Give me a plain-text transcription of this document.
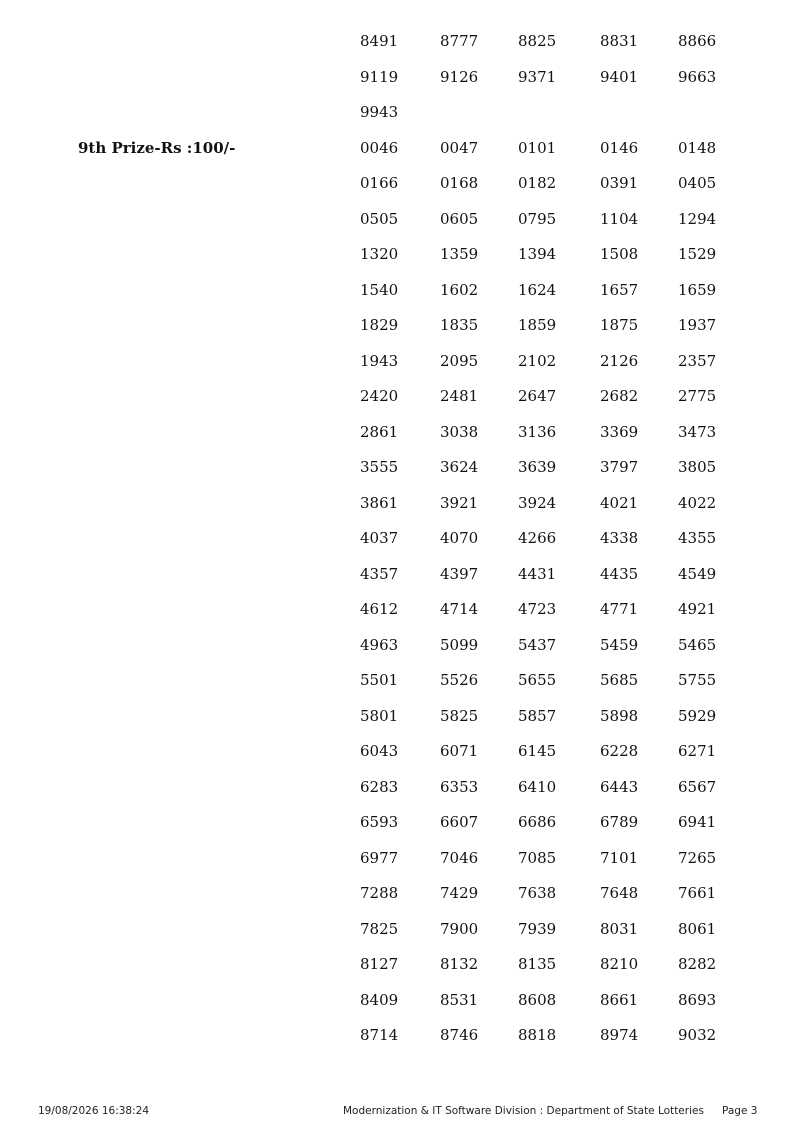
8491	8777	8825	8831	8866
9119	9126	9371	9401	9663
9943
0046	0047	0101	0146	0148
0166	0168	0182	0391	0405
0505	0605	0795	1104	1294
1320	1359	1394	1508	1529
1540	1602	1624	1657	1659
1829	1835	1859	1875	1937
1943	2095	2102	2126	2357
2420	2481	2647	2682	2775
2861	3038	3136	3369	3473
3555	3624	3639	3797	3805
3861	3921	3924	4021	4022
4037	4070	4266	4338	4355
4357	4397	4431	4435	4549
4612	4714	4723	4771	4921
4963	5099	5437	5459	5465
5501	5526	5655	5685	5755
5801	5825	5857	5898	5929
6043	6071	6145	6228	6271
6283	6353	6410	6443	6567
6593	6607	6686	6789	6941
6977	7046	7085	7101	7265
7288	7429	7638	7648	7661
7825	7900	7939	8031	8061
8127	8132	8135	8210	8282
8409	8531	8608	8661	8693
8714	8746	8818	8974	9032
19/08/2026 16:38:24	Modernization & IT Software Division : Department of State Lotteries Page 3
9th Prize-Rs :100/-
